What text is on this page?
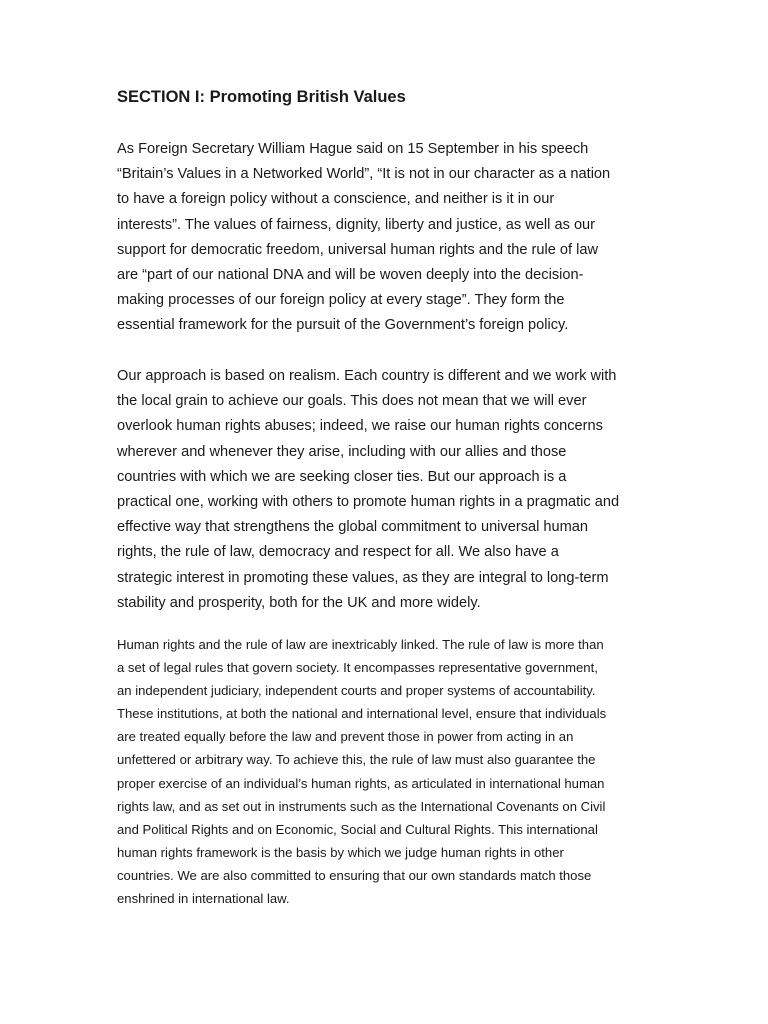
SECTION I: Promoting British Values
As Foreign Secretary William Hague said on 15 September in his speech
“Britain’s Values in a Networked World”, “It is not in our character as a nation
to have a foreign policy without a conscience, and neither is it in our
interests”. The values of fairness, dignity, liberty and justice, as well as our
support for democratic freedom, universal human rights and the rule of law
are “part of our national DNA and will be woven deeply into the decision-
making processes of our foreign policy at every stage”. They form the
essential framework for the pursuit of the Government’s foreign policy.
Our approach is based on realism. Each country is different and we work with
the local grain to achieve our goals. This does not mean that we will ever
overlook human rights abuses; indeed, we raise our human rights concerns
wherever and whenever they arise, including with our allies and those
countries with which we are seeking closer ties. But our approach is a
practical one, working with others to promote human rights in a pragmatic and
effective way that strengthens the global commitment to universal human
rights, the rule of law, democracy and respect for all. We also have a
strategic interest in promoting these values, as they are integral to long-term
stability and prosperity, both for the UK and more widely.
Human rights and the rule of law are inextricably linked. The rule of law is more than
a set of legal rules that govern society. It encompasses representative government,
an independent judiciary, independent courts and proper systems of accountability.
These institutions, at both the national and international level, ensure that individuals
are treated equally before the law and prevent those in power from acting in an
unfettered or arbitrary way. To achieve this, the rule of law must also guarantee the
proper exercise of an individual’s human rights, as articulated in international human
rights law, and as set out in instruments such as the International Covenants on Civil
and Political Rights and on Economic, Social and Cultural Rights. This international
human rights framework is the basis by which we judge human rights in other
countries. We are also committed to ensuring that our own standards match those
enshrined in international law.
